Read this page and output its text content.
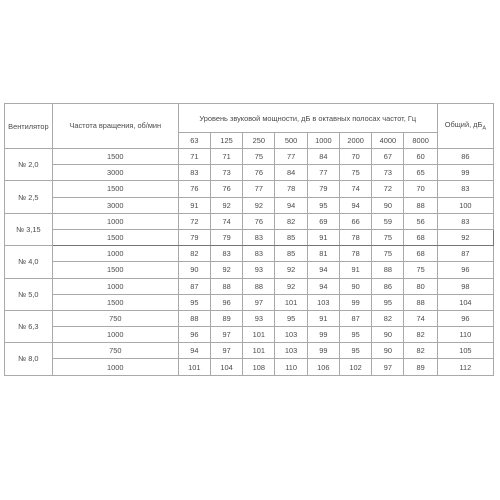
Вентилятор	Частота вращения, об/мин	Уровень звуковой мощности, дБ в октавных полосах частот, Гц								Общий, $дБ_А$
		63	125	250	500	1000	2000	4000	8000	
№ 2,0	1500	71	71	75	77	84	70	67	60	86
	3000	83	73	76	84	77	75	73	65	99
№ 2,5	1500	76	76	77	78	79	74	72	70	83
	3000	91	92	92	94	95	94	90	88	100
№ 3,15	1000	72	74	76	82	69	66	59	56	83
	1500	79	79	83	85	91	78	75	68	92
№ 4,0	1000	82	83	83	85	81	78	75	68	87
	1500	90	92	93	92	94	91	88	75	96
№ 5,0	1000	87	88	88	92	94	90	86	80	98
	1500	95	96	97	101	103	99	95	88	104
№ 6,3	750	88	89	93	95	91	87	82	74	96
	1000	96	97	101	103	99	95	90	82	110
№ 8,0	750	94	97	101	103	99	95	90	82	105
	1000	101	104	108	110	106	102	97	89	112
